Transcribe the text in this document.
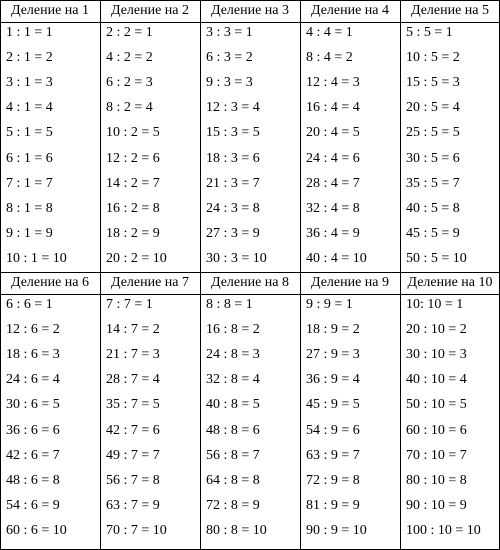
Деление на 1
1 : 1 = 1
2 : 1 = 2
3 : 1 = 3
4 : 1 = 4
5 : 1 = 5
6 : 1 = 6
7 : 1 = 7
8 : 1 = 8
9 : 1 = 9
10 : 1 = 10
Деление на 2
2 : 2 = 1
4 : 2 = 2
6 : 2 = 3
8 : 2 = 4
10 : 2 = 5
12 : 2 = 6
14 : 2 = 7
16 : 2 = 8
18 : 2 = 9
20 : 2 = 10
Деление на 3
3 : 3 = 1
6 : 3 = 2
9 : 3 = 3
12 : 3 = 4
15 : 3 = 5
18 : 3 = 6
21 : 3 = 7
24 : 3 = 8
27 : 3 = 9
30 : 3 = 10
Деление на 4
4 : 4 = 1
8 : 4 = 2
12 : 4 = 3
16 : 4 = 4
20 : 4 = 5
24 : 4 = 6
28 : 4 = 7
32 : 4 = 8
36 : 4 = 9
40 : 4 = 10
Деление на 5
5 : 5 = 1
10 : 5 = 2
15 : 5 = 3
20 : 5 = 4
25 : 5 = 5
30 : 5 = 6
35 : 5 = 7
40 : 5 = 8
45 : 5 = 9
50 : 5 = 10
Деление на 6
6 : 6 = 1
12 : 6 = 2
18 : 6 = 3
24 : 6 = 4
30 : 6 = 5
36 : 6 = 6
42 : 6 = 7
48 : 6 = 8
54 : 6 = 9
60 : 6 = 10
Деление на 7
7 : 7 = 1
14 : 7 = 2
21 : 7 = 3
28 : 7 = 4
35 : 7 = 5
42 : 7 = 6
49 : 7 = 7
56 : 7 = 8
63 : 7 = 9
70 : 7 = 10
Деление на 8
8 : 8 = 1
16 : 8 = 2
24 : 8 = 3
32 : 8 = 4
40 : 8 = 5
48 : 8 = 6
56 : 8 = 7
64 : 8 = 8
72 : 8 = 9
80 : 8 = 10
Деление на 9
9 : 9 = 1
18 : 9 = 2
27 : 9 = 3
36 : 9 = 4
45 : 9 = 5
54 : 9 = 6
63 : 9 = 7
72 : 9 = 8
81 : 9 = 9
90 : 9 = 10
Деление на 10
10: 10 = 1
20 : 10 = 2
30 : 10 = 3
40 : 10 = 4
50 : 10 = 5
60 : 10 = 6
70 : 10 = 7
80 : 10 = 8
90 : 10 = 9
100 : 10 = 10
